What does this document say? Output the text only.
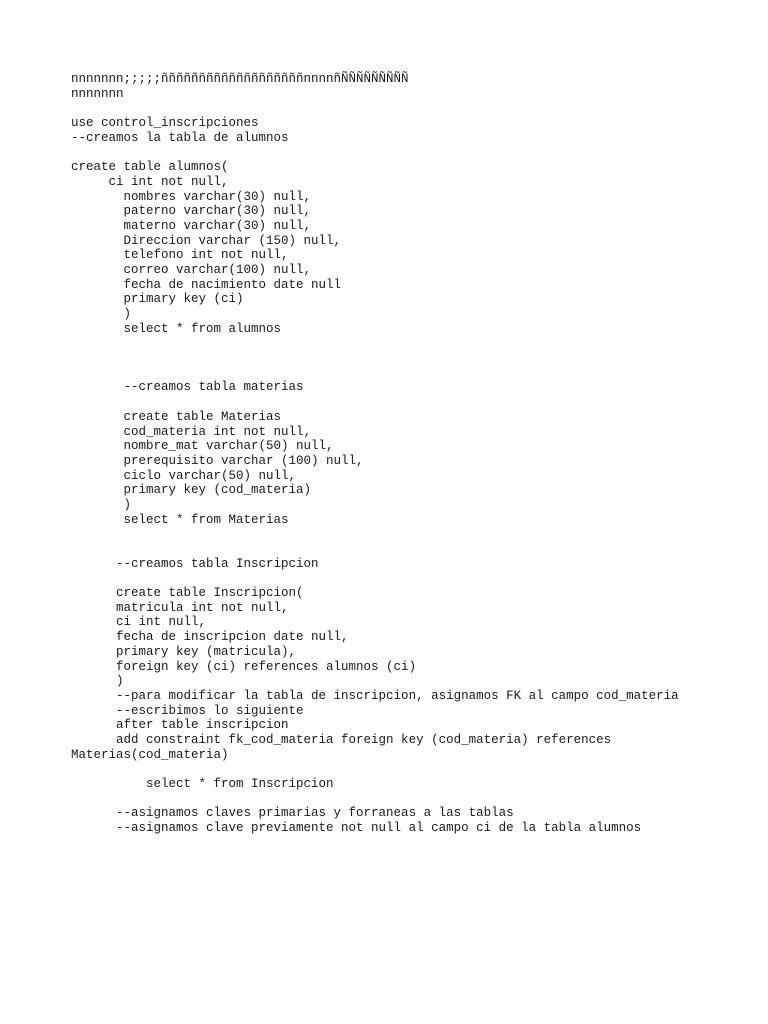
nnnnnnn;;;;;ñññññññññññññññññññnnnnñÑÑÑÑÑÑÑÑÑ
nnnnnnn
use control_inscripciones
--creamos la tabla de alumnos
create table alumnos(
ci int not null,
nombres varchar(30) null,
paterno varchar(30) null,
materno varchar(30) null,
Direccion varchar (150) null,
telefono int not null,
correo varchar(100) null,
fecha de nacimiento date null
primary key (ci)
)
select * from alumnos
--creamos tabla materias
create table Materias
cod_materia int not null,
nombre_mat varchar(50) null,
prerequisito varchar (100) null,
ciclo varchar(50) null,
primary key (cod_materia)
)
select * from Materias
--creamos tabla Inscripcion
create table Inscripcion(
matricula int not null,
ci int null,
fecha de inscripcion date null,
primary key (matricula),
foreign key (ci) references alumnos (ci)
)
--para modificar la tabla de inscripcion, asignamos FK al campo cod_materia
--escribimos lo siguiente
after table inscripcion
add constraint fk_cod_materia foreign key (cod_materia) references
Materias(cod_materia)
select * from Inscripcion
--asignamos claves primarias y forraneas a las tablas
--asignamos clave previamente not null al campo ci de la tabla alumnos
